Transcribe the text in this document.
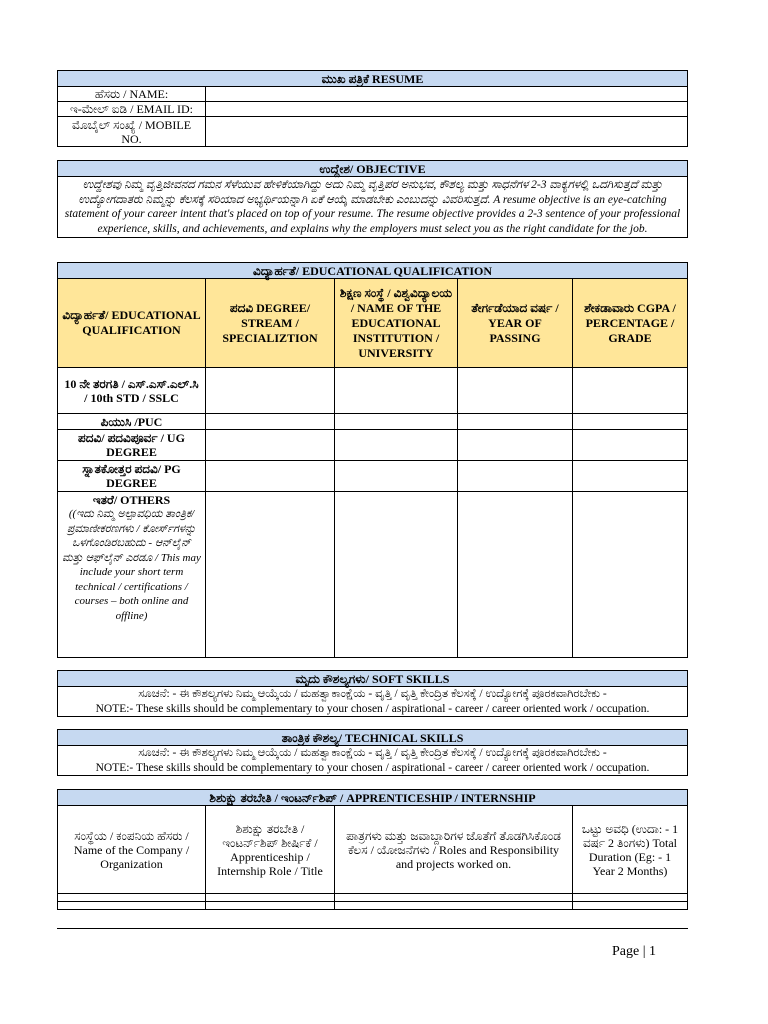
ಮುಖ ಪತ್ರಿಕೆ RESUME	
ಹೆಸರು / NAME:	
ಇ-ಮೇಲ್ ಐಡಿ / EMAIL ID:	
ಮೊಬೈಲ್ ಸಂಖ್ಯೆ / MOBILE NO.	
ಉದ್ದೇಶ/ OBJECTIVE
ಉದ್ದೇಶವು ನಿಮ್ಮ ವೃತ್ತಿಜೀವನದ ಗಮನ ಸೆಳೆಯುವ ಹೇಳಿಕೆಯಾಗಿದ್ದು ಅದು ನಿಮ್ಮ ವೃತ್ತಿಪರ ಅನುಭವ, ಕೌಶಲ್ಯ ಮತ್ತು ಸಾಧನೆಗಳ 2-3 ವಾಕ್ಯಗಳಲ್ಲಿ ಒದಗಿಸುತ್ತದೆ ಮತ್ತು ಉದ್ಯೋಗದಾತರು ನಿಮ್ಮನ್ನು ಕೆಲಸಕ್ಕೆ ಸರಿಯಾದ ಅಭ್ಯರ್ಥಿಯನ್ನಾಗಿ ಏಕೆ ಆಯ್ಕೆ ಮಾಡಬೇಕು ಎಂಬುದನ್ನು ವಿವರಿಸುತ್ತದೆ. A resume objective is an eye-catching statement of your career intent that's placed on top of your resume. The resume objective provides a 2-3 sentence of your professional experience, skills, and achievements, and explains why the employers must select you as the right candidate for the job.
ವಿದ್ಯಾರ್ಹತೆ/ EDUCATIONAL QUALIFICATION				
ವಿದ್ಯಾರ್ಹತೆ/ EDUCATIONAL QUALIFICATION	ಪದವಿ DEGREE/ STREAM / SPECIALIZTION	ಶಿಕ್ಷಣ ಸಂಸ್ಥೆ / ವಿಶ್ವವಿದ್ಯಾಲಯ / NAME OF THE EDUCATIONAL INSTITUTION / UNIVERSITY	ತೇರ್ಗಡೆಯಾದ ವರ್ಷ / YEAR OF PASSING	ಶೇಕಡಾವಾರು CGPA / PERCENTAGE / GRADE
10 ನೇ ತರಗತಿ / ಎಸ್.ಎಸ್.ಎಲ್.ಸಿ / 10th STD / SSLC				
ಪಿಯುಸಿ /PUC				
ಪದವಿ/ ಪದವಿಪೂರ್ವ / UG DEGREE				
ಸ್ನಾತಕೋತ್ತರ ಪದವಿ/ PG DEGREE				

ಇತರೆ/ OTHERS
((ಇದು ನಿಮ್ಮ ಅಲ್ಪಾವಧಿಯ ತಾಂತ್ರಿಕ/ ಪ್ರಮಾಣೀಕರಣಗಳು / ಕೋರ್ಸ್‌ಗಳನ್ನು ಒಳಗೊಂಡಿರಬಹುದು - ಆನ್‌ಲೈನ್ ಮತ್ತು ಆಫ್‌ಲೈನ್ ಎರಡೂ / This may include your short term technical / certifications / courses – both online and offline)				

ಮೃದು ಕೌಶಲ್ಯಗಳು/ SOFT SKILLS

ಸೂಚನೆ: - ಈ ಕೌಶಲ್ಯಗಳು ನಿಮ್ಮ ಆಯ್ಕೆಯ / ಮಹತ್ವಾಕಾಂಕ್ಷೆಯ - ವೃತ್ತಿ / ವೃತ್ತಿ ಕೇಂದ್ರಿತ ಕೆಲಸಕ್ಕೆ / ಉದ್ಯೋಗಕ್ಕೆ ಪೂರಕವಾಗಿರಬೇಕು -
NOTE:- These skills should be complementary to your chosen / aspirational - career / career oriented work / occupation.
ತಾಂತ್ರಿಕ ಕೌಶಲ್ಯ/ TECHNICAL SKILLS

ಸೂಚನೆ: - ಈ ಕೌಶಲ್ಯಗಳು ನಿಮ್ಮ ಆಯ್ಕೆಯ / ಮಹತ್ವಾಕಾಂಕ್ಷೆಯ - ವೃತ್ತಿ / ವೃತ್ತಿ ಕೇಂದ್ರಿತ ಕೆಲಸಕ್ಕೆ / ಉದ್ಯೋಗಕ್ಕೆ ಪೂರಕವಾಗಿರಬೇಕು -
NOTE:- These skills should be complementary to your chosen / aspirational - career / career oriented work / occupation.
ಶಿಶುಕ್ಷು ತರಬೇತಿ / ಇಂಟರ್ನ್‌ಶಿಪ್ / APPRENTICESHIP / INTERNSHIP			
ಸಂಸ್ಥೆಯ / ಕಂಪನಿಯ ಹೆಸರು / Name of the Company / Organization	ಶಿಶುಕ್ಷು ತರಬೇತಿ / ಇಂಟರ್ನ್‌ಶಿಪ್ ಶೀರ್ಷಿಕೆ / Apprenticeship / Internship Role / Title	ಪಾತ್ರಗಳು ಮತ್ತು ಜವಾಬ್ದಾರಿಗಳ ಜೊತೆಗೆ ತೊಡಗಿಸಿಕೊಂಡ ಕೆಲಸ / ಯೋಜನೆಗಳು / Roles and Responsibility and projects worked on.	ಒಟ್ಟು ಅವಧಿ (ಉದಾ: - 1 ವರ್ಷ 2 ತಿಂಗಳು) Total Duration (Eg: - 1 Year 2 Months)

Page | 1
